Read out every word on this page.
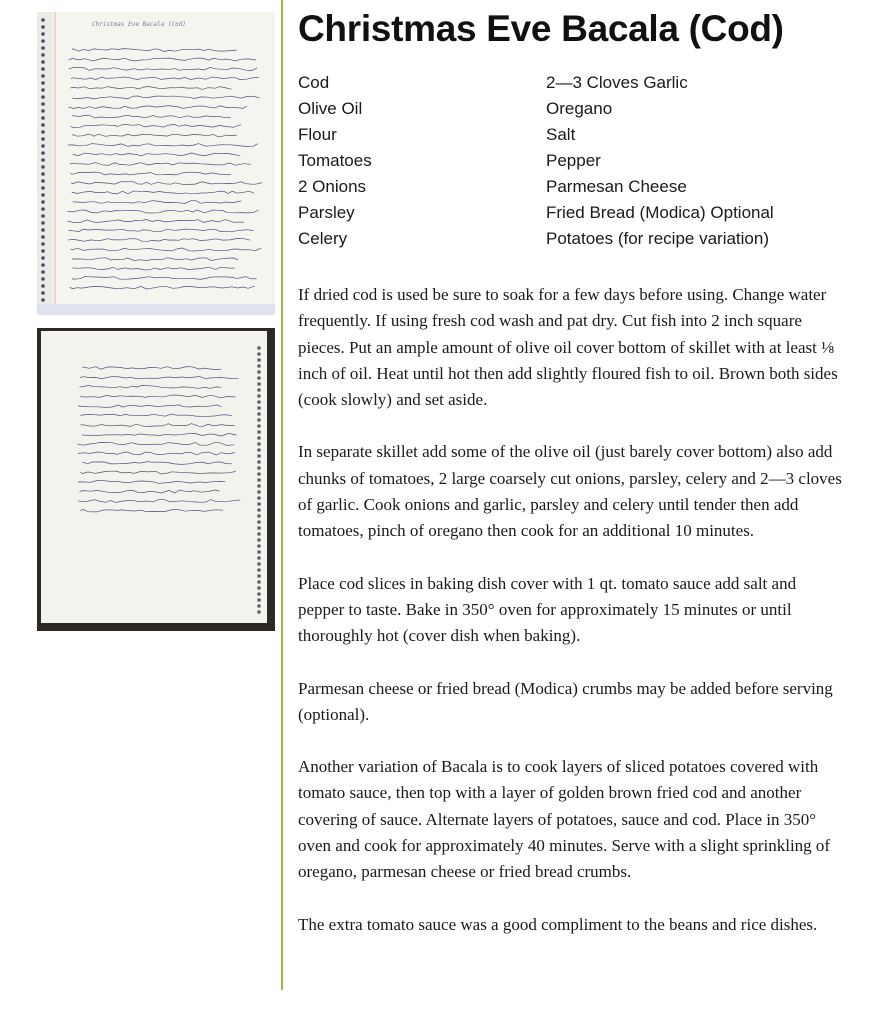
Christmas Eve Bacala (Cod)	Christmas Eve Bacala (Cod)
Cod
Olive Oil
Flour
Tomatoes
2 Onions
Parsley
Celery
2—3 Cloves Garlic
Oregano
Salt
Pepper
Parmesan Cheese
Fried Bread (Modica) Optional
Potatoes (for recipe variation)

If dried cod is used be sure to soak for a few days before using. Change water frequently. If using fresh cod wash and pat dry. Cut fish into 2 inch square pieces. Put an ample amount of olive oil cover bottom of skillet with at least ⅛ inch of oil. Heat until hot then add slightly floured fish to oil. Brown both sides (cook slowly) and set aside.

In separate skillet add some of the olive oil (just barely cover bottom) also add chunks of tomatoes, 2 large coarsely cut onions, parsley, celery and 2—3 cloves of garlic. Cook onions and garlic, parsley and celery until tender then add tomatoes, pinch of oregano then cook for an additional 10 minutes.

Place cod slices in baking dish cover with 1 qt. tomato sauce add salt and pepper to taste. Bake in 350° oven for approximately 15 minutes or until thoroughly hot (cover dish when baking).

Parmesan cheese or fried bread (Modica) crumbs may be added before serving (optional).

Another variation of Bacala is to cook layers of sliced potatoes covered with tomato sauce, then top with a layer of golden brown fried cod and another covering of sauce. Alternate layers of potatoes, sauce and cod. Place in 350° oven and cook for approximately 40 minutes. Serve with a slight sprinkling of oregano, parmesan cheese or fried bread crumbs.

The extra tomato sauce was a good compliment to the beans and rice dishes.
